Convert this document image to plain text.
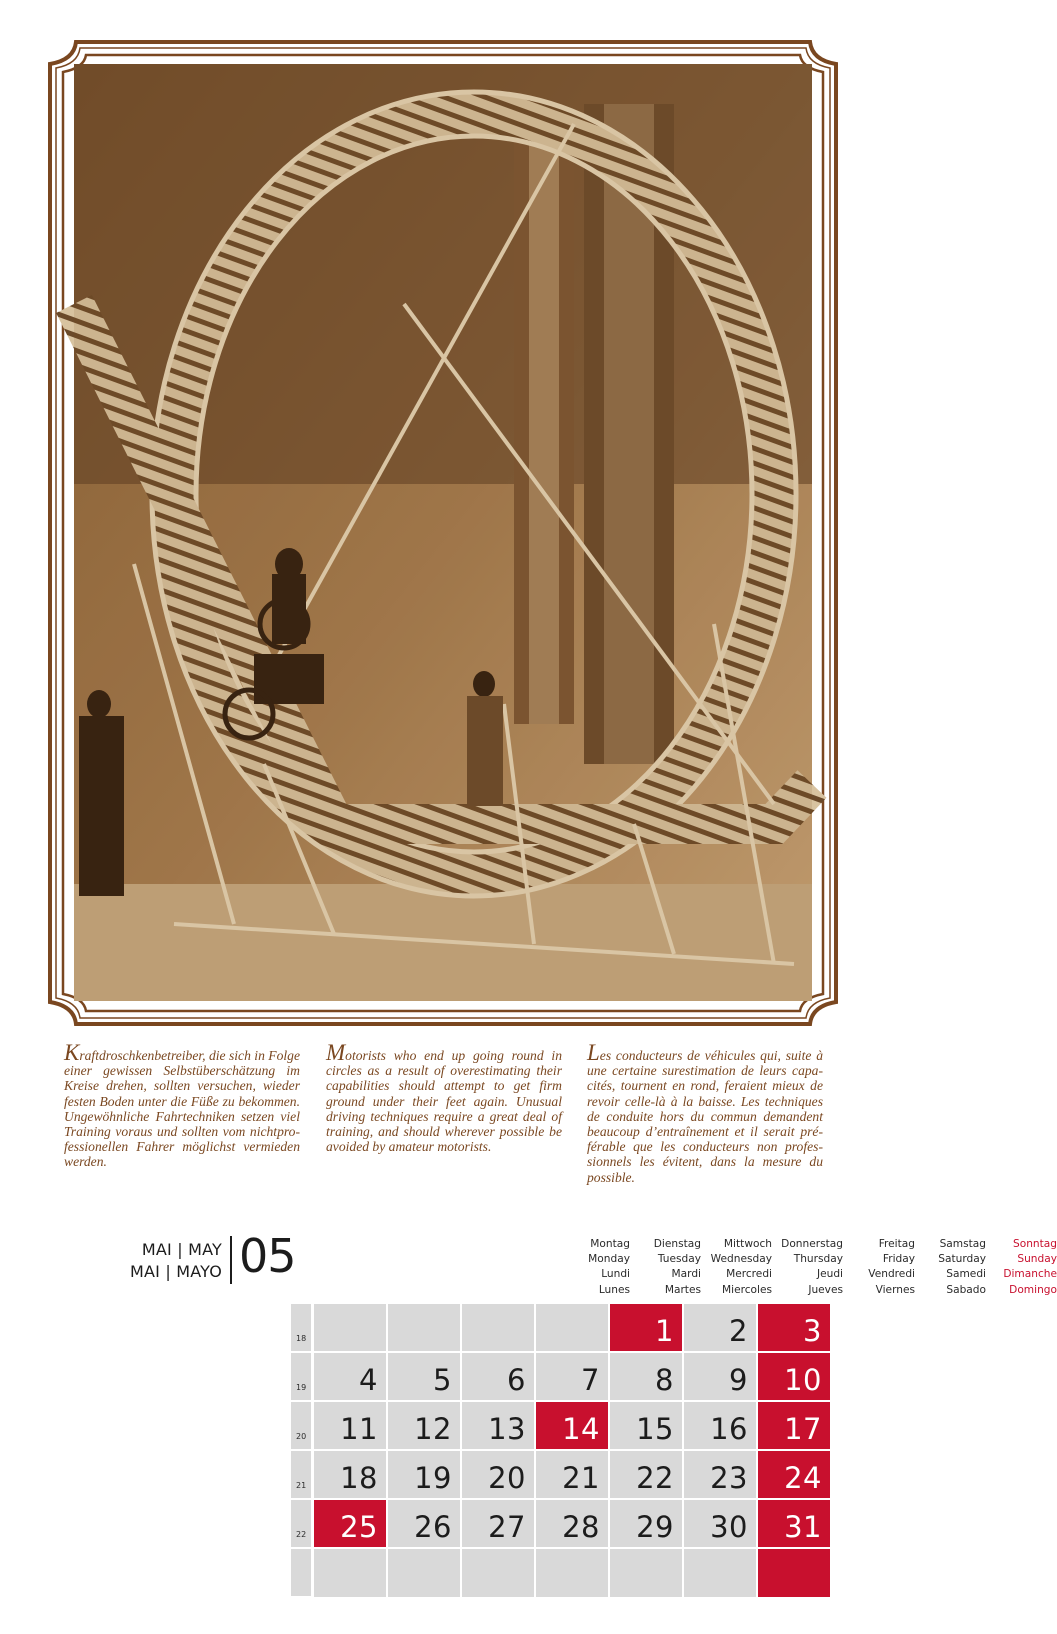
Kraftdroschkenbetreiber, die sich in Folge einer gewissen Selbstüberschätzung im Kreise drehen, sollten versuchen, wieder festen Boden unter die Füße zu bekommen. Ungewöhnliche Fahrtechniken setzen viel Training voraus und sollten vom nichtprofessionellen Fahrer möglichst vermieden werden.

Motorists who end up going round in circles as a result of overestimating their capabilities should attempt to get firm ground under their feet again. Unusual driving techniques require a great deal of training, and should wherever possible be avoided by amateur motorists.

Les conducteurs de véhicules qui, suite à une certaine surestimation de leurs capacités, tournent en rond, feraient mieux de revoir celle-là à la baisse. Les techniques de conduite hors du commun demandent beaucoup d’entraînement et il serait préférable que les conducteurs non professionnels les évitent, dans la mesure du possible.

MAI | MAY
MAI | MAYO 05	Montag
Monday
Lundi
Lunes
Dienstag
Tuesday
Mardi
Martes
Mittwoch
Wednesday
Mercredi
Miercoles
Donnerstag
Thursday
Jeudi
Jueves
Freitag
Friday
Vendredi
Viernes
Samstag
Saturday
Samedi
Sabado
Sonntag
Sunday
Dimanche
Domingo
18	1 2 3
19 4 5 6 7 8 9 10
20 11 12 13 14 15 16 17
21 18 19 20 21 22 23 24
22 25 26 27 28 29 30 31
